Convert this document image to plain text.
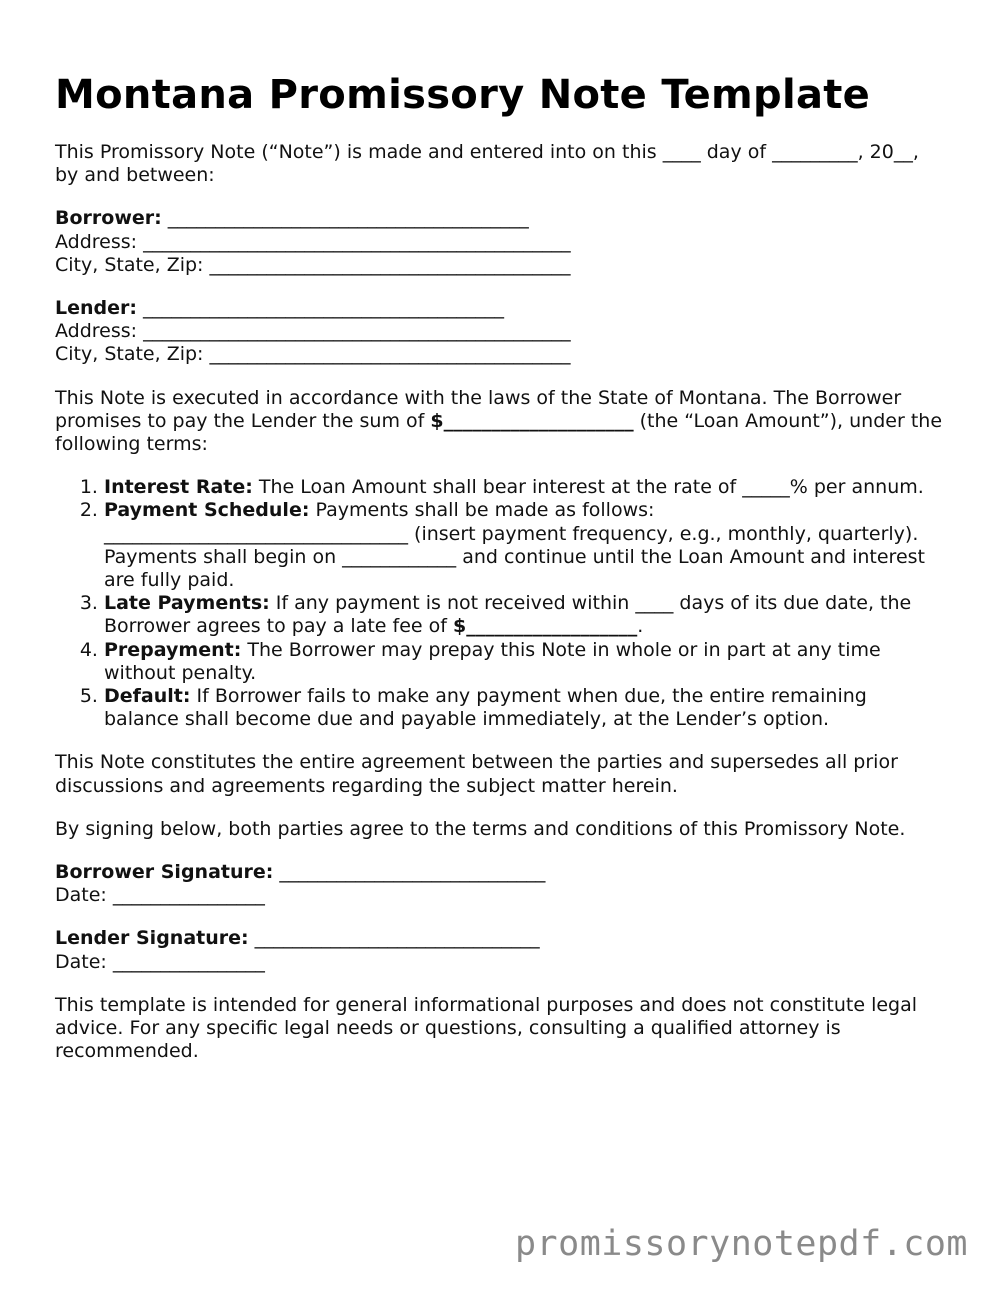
Montana Promissory Note Template

This Promissory Note (“Note”) is made and entered into on this ____ day of _________, 20__, by and between:

Borrower: ______________________________________
Address: _____________________________________________
City, State, Zip: ______________________________________
Lender: ______________________________________
Address: _____________________________________________
City, State, Zip: ______________________________________

This Note is executed in accordance with the laws of the State of Montana. The Borrower promises to pay the Lender the sum of $____________________ (the “Loan Amount”), under the following terms:

1. Interest Rate: The Loan Amount shall bear interest at the rate of _____% per annum.
2. Payment Schedule: Payments shall be made as follows: ________________________________ (insert payment frequency, e.g., monthly, quarterly). Payments shall begin on ____________ and continue until the Loan Amount and interest are fully paid.
3. Late Payments: If any payment is not received within ____ days of its due date, the Borrower agrees to pay a late fee of $__________________.
4. Prepayment: The Borrower may prepay this Note in whole or in part at any time without penalty.
5. Default: If Borrower fails to make any payment when due, the entire remaining balance shall become due and payable immediately, at the Lender’s option.

This Note constitutes the entire agreement between the parties and supersedes all prior discussions and agreements regarding the subject matter herein.

By signing below, both parties agree to the terms and conditions of this Promissory Note.

Borrower Signature: ____________________________
Date: ________________
Lender Signature: ______________________________
Date: ________________

This template is intended for general informational purposes and does not constitute legal advice. For any specific legal needs or questions, consulting a qualified attorney is recommended.

promissorynotepdf.com
